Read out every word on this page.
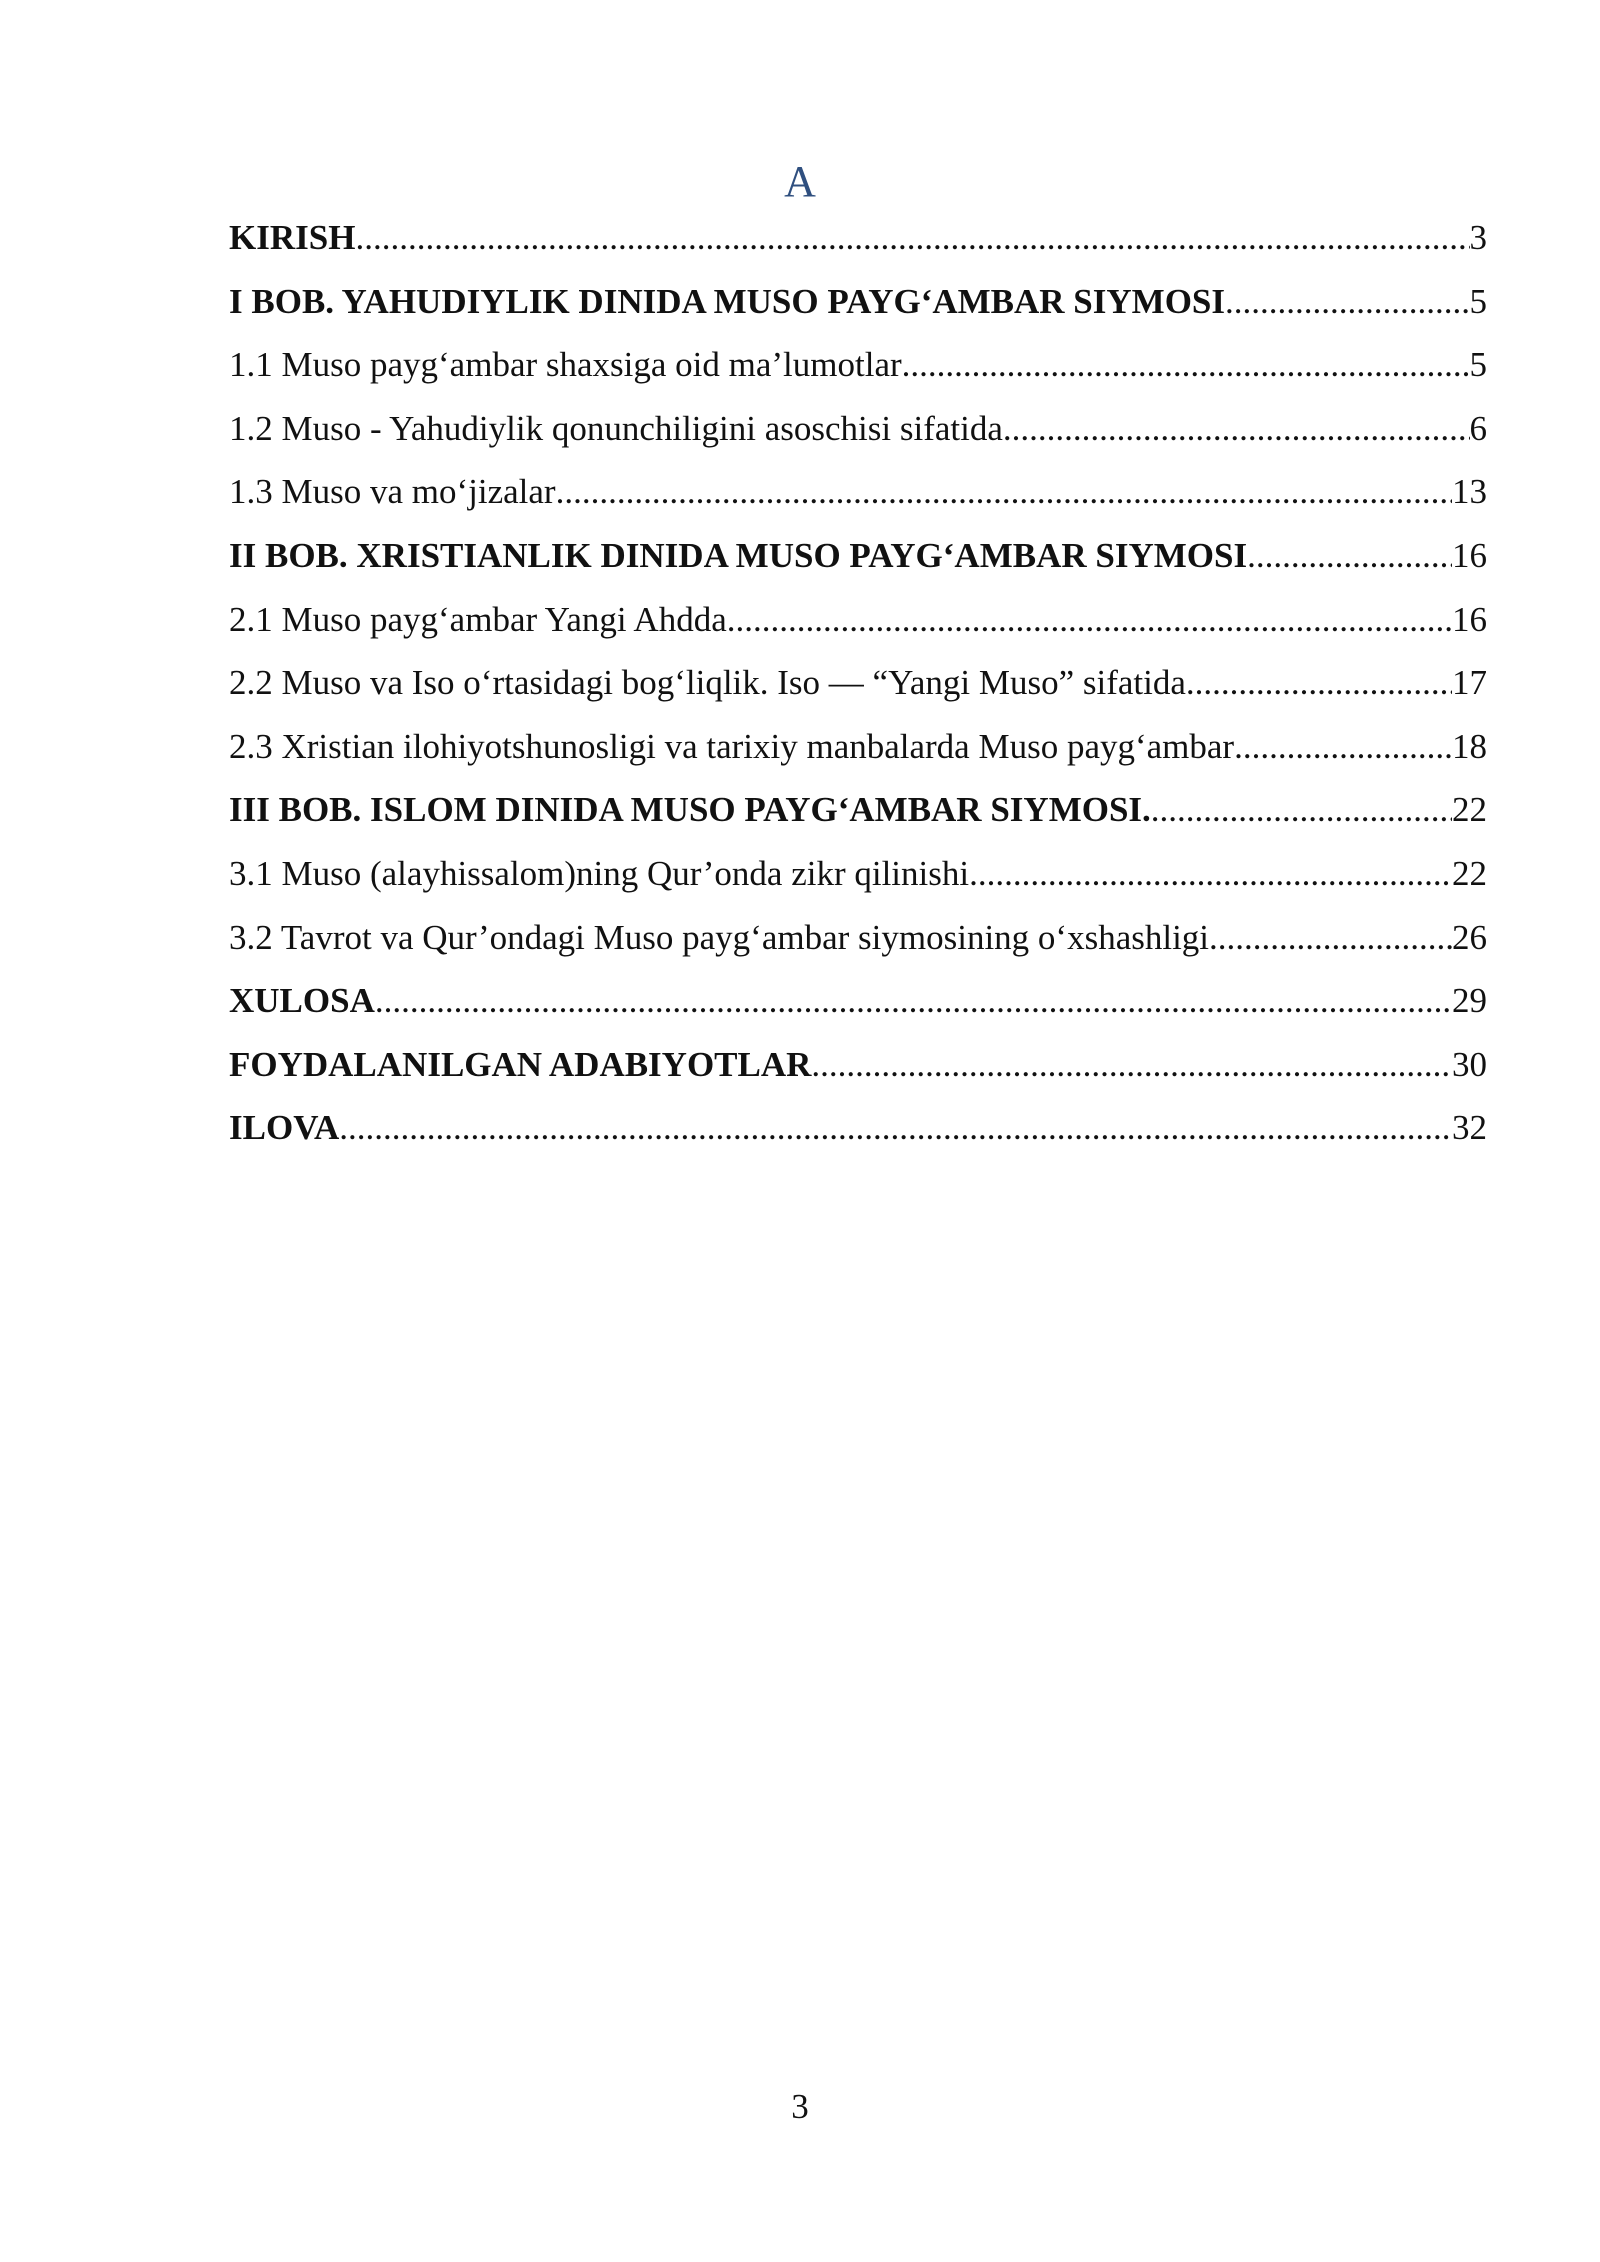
A
KIRISH .....	3
I BOB. YAHUDIYLIK DINIDA MUSO PAYG‘AMBAR SIYMOSI .....	5
1.1 Muso payg‘ambar shaxsiga oid ma’lumotlar .....	5
1.2 Muso - Yahudiylik qonunchiligini asoschisi sifatida .....	6
1.3 Muso va mo‘jizalar .....	13
II BOB. XRISTIANLIK DINIDA MUSO PAYG‘AMBAR SIYMOSI .....	16
2.1 Muso payg‘ambar Yangi Ahdda .....	16
2.2 Muso va Iso o‘rtasidagi bog‘liqlik. Iso — “Yangi Muso” sifatida .....	17
2.3 Xristian ilohiyotshunosligi va tarixiy manbalarda Muso payg‘ambar .....	18
III BOB. ISLOM DINIDA MUSO PAYG‘AMBAR SIYMOSI. .....	22
3.1 Muso (alayhissalom)ning Qur’onda zikr qilinishi .....	22
3.2 Tavrot va Qur’ondagi Muso payg‘ambar siymosining o‘xshashligi .....	26
XULOSA .....	29
FOYDALANILGAN ADABIYOTLAR .....	30
ILOVA .....	32
3
